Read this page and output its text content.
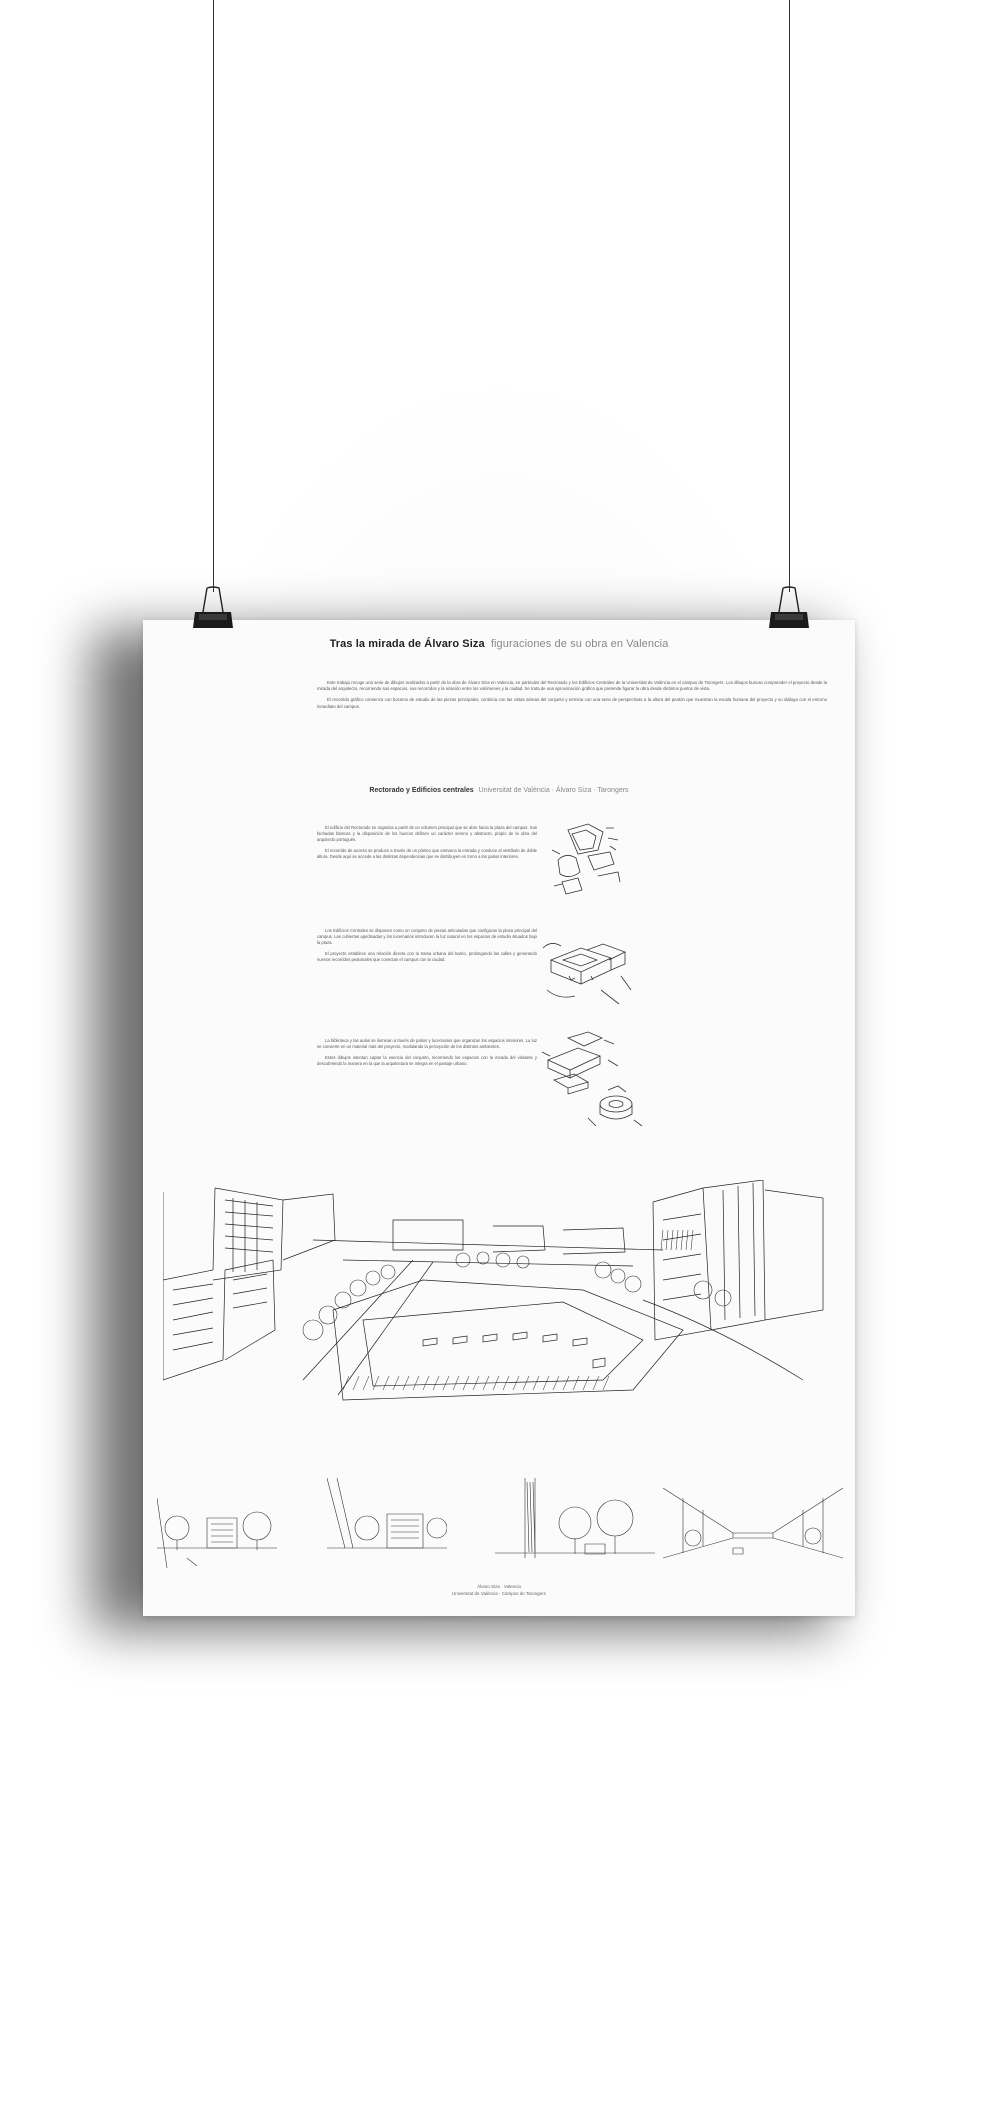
Tras la mirada de Álvaro Siza figuraciones de su obra en Valencia

Este trabajo recoge una serie de dibujos realizados a partir de la obra de Álvaro Siza en Valencia, en particular del Rectorado y los Edificios Centrales de la Universitat de València en el campus de Tarongers. Los dibujos buscan comprender el proyecto desde la mirada del arquitecto, recorriendo sus espacios, sus recorridos y la relación entre los volúmenes y la ciudad. Se trata de una aproximación gráfica que pretende figurar la obra desde distintos puntos de vista.

El recorrido gráfico comienza con bocetos de estudio de las piezas principales, continúa con las vistas aéreas del conjunto y termina con una serie de perspectivas a la altura del peatón que muestran la escala humana del proyecto y su diálogo con el entorno inmediato del campus.

Rectorado y Edificios centrales Universitat de València · Álvaro Siza · Tarongers

El edificio del Rectorado se organiza a partir de un volumen principal que se abre hacia la plaza del campus. Sus fachadas blancas y la disposición de los huecos definen un carácter sereno y abstracto, propio de la obra del arquitecto portugués.

El recorrido de acceso se produce a través de un pórtico que enmarca la entrada y conduce al vestíbulo de doble altura. Desde aquí se accede a las distintas dependencias que se distribuyen en torno a los patios interiores.

Los Edificios Centrales se disponen como un conjunto de piezas articuladas que configuran la plaza principal del campus. Las cubiertas ajardinadas y los lucernarios introducen la luz natural en los espacios de estudio situados bajo la plaza.

El proyecto establece una relación directa con la trama urbana del barrio, prolongando las calles y generando nuevos recorridos peatonales que conectan el campus con la ciudad.

La biblioteca y las aulas se iluminan a través de patios y lucernarios que organizan los espacios interiores. La luz se convierte en un material más del proyecto, modulando la percepción de los distintos ambientes.

Estos dibujos intentan captar la esencia del conjunto, recorriendo los espacios con la mirada del visitante y descubriendo la manera en la que la arquitectura se integra en el paisaje urbano.

Álvaro Siza · Valencia
Universitat de València · Campus de Tarongers
